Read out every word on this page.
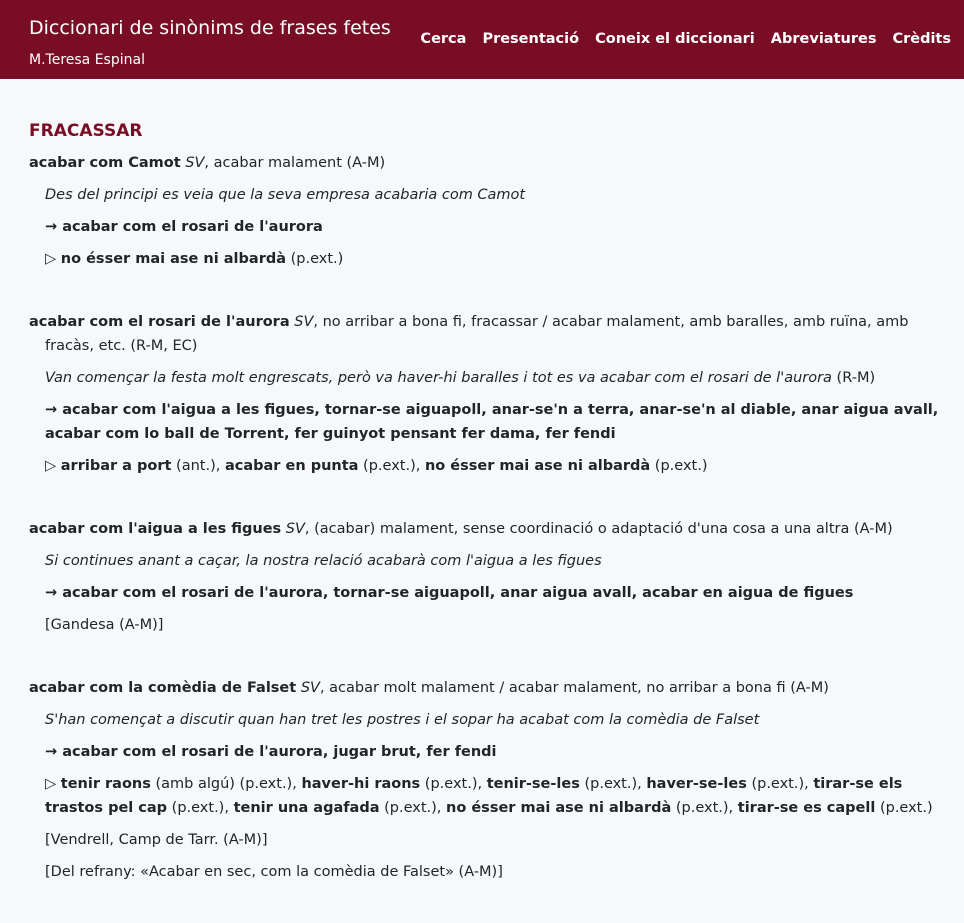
Diccionari de sinònims de frases fetes
M.Teresa Espinal
Cerca Presentació Coneix el diccionari Abreviatures Crèdits
FRACASSAR
acabar com Camot SV, acabar malament (A-M)
Des del principi es veia que la seva empresa acabaria com Camot
→ acabar com el rosari de l'aurora
▷ no ésser mai ase ni albardà (p.ext.)
acabar com el rosari de l'aurora SV, no arribar a bona fi, fracassar / acabar malament, amb baralles, amb ruïna, amb fracàs, etc. (R-M, EC)
Van començar la festa molt engrescats, però va haver-hi baralles i tot es va acabar com el rosari de l'aurora (R-M)
→ acabar com l'aigua a les figues, tornar-se aiguapoll, anar-se'n a terra, anar-se'n al diable, anar aigua avall, acabar com lo ball de Torrent, fer guinyot pensant fer dama, fer fendi
▷ arribar a port (ant.), acabar en punta (p.ext.), no ésser mai ase ni albardà (p.ext.)
acabar com l'aigua a les figues SV, (acabar) malament, sense coordinació o adaptació d'una cosa a una altra (A-M)
Si continues anant a caçar, la nostra relació acabarà com l'aigua a les figues
→ acabar com el rosari de l'aurora, tornar-se aiguapoll, anar aigua avall, acabar en aigua de figues
[Gandesa (A-M)]
acabar com la comèdia de Falset SV, acabar molt malament / acabar malament, no arribar a bona fi (A-M)
S'han començat a discutir quan han tret les postres i el sopar ha acabat com la comèdia de Falset
→ acabar com el rosari de l'aurora, jugar brut, fer fendi
▷ tenir raons (amb algú) (p.ext.), haver-hi raons (p.ext.), tenir-se-les (p.ext.), haver-se-les (p.ext.), tirar-se els trastos pel cap (p.ext.), tenir una agafada (p.ext.), no ésser mai ase ni albardà (p.ext.), tirar-se es capell (p.ext.)
[Vendrell, Camp de Tarr. (A-M)]
[Del refrany: «Acabar en sec, com la comèdia de Falset» (A-M)]
